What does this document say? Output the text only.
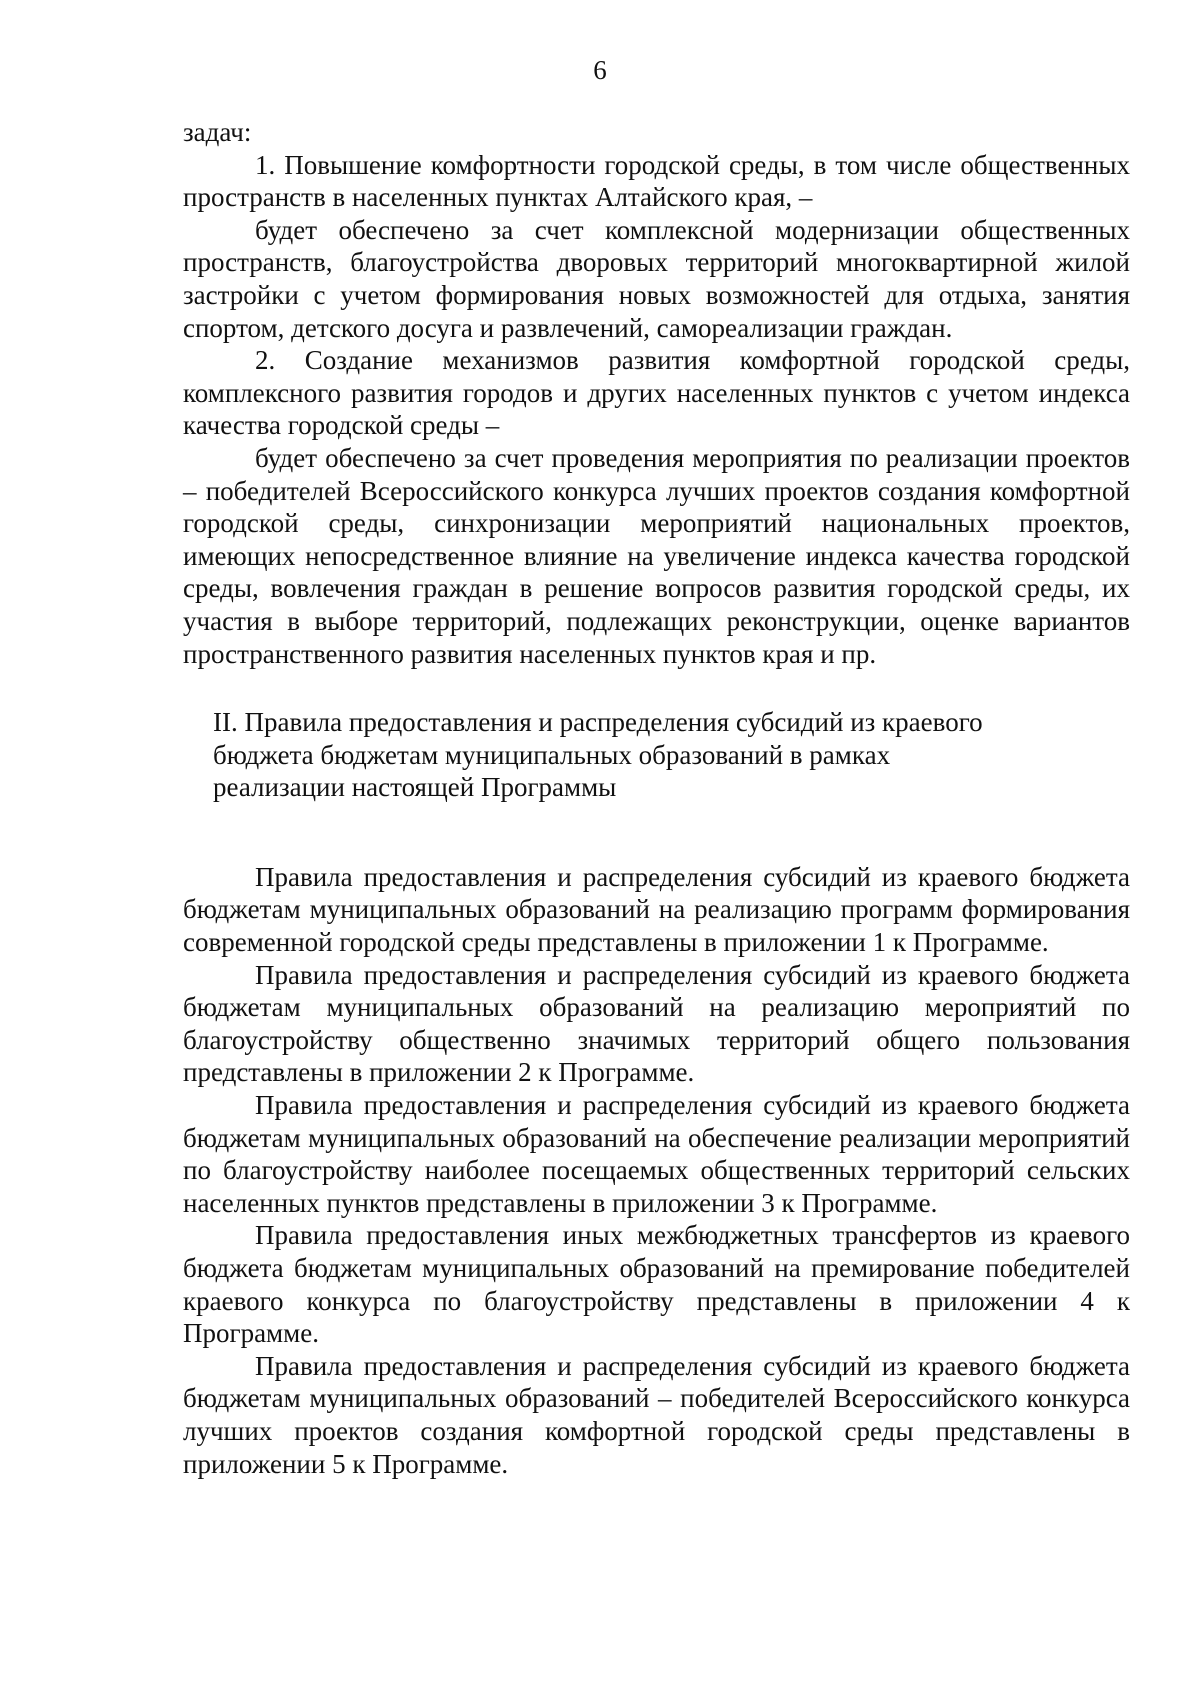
6

задач:

1. Повышение комфортности городской среды, в том числе общественных пространств в населенных пунктах Алтайского края, –

будет обеспечено за счет комплексной модернизации общественных пространств, благоустройства дворовых территорий многоквартирной жилой застройки с учетом формирования новых возможностей для отдыха, занятия спортом, детского досуга и развлечений, самореализации граждан.

2. Создание механизмов развития комфортной городской среды, комплексного развития городов и других населенных пунктов с учетом индекса качества городской среды –

будет обеспечено за счет проведения мероприятия по реализации проектов – победителей Всероссийского конкурса лучших проектов создания комфортной городской среды, синхронизации мероприятий национальных проектов, имеющих непосредственное влияние на увеличение индекса качества городской среды, вовлечения граждан в решение вопросов развития городской среды, их участия в выборе территорий, подлежащих реконструкции, оценке вариантов пространственного развития населенных пунктов края и пр.

II. Правила предоставления и распределения субсидий из краевого
бюджета бюджетам муниципальных образований в рамках
реализации настоящей Программы

Правила предоставления и распределения субсидий из краевого бюджета бюджетам муниципальных образований на реализацию программ формирования современной городской среды представлены в приложении 1 к Программе.

Правила предоставления и распределения субсидий из краевого бюджета бюджетам муниципальных образований на реализацию мероприятий по благоустройству общественно значимых территорий общего пользования представлены в приложении 2 к Программе.

Правила предоставления и распределения субсидий из краевого бюджета бюджетам муниципальных образований на обеспечение реализации мероприятий по благоустройству наиболее посещаемых общественных территорий сельских населенных пунктов представлены в приложении 3 к Программе.

Правила предоставления иных межбюджетных трансфертов из краевого бюджета бюджетам муниципальных образований на премирование победителей краевого конкурса по благоустройству представлены в приложении 4 к Программе.

Правила предоставления и распределения субсидий из краевого бюджета бюджетам муниципальных образований – победителей Всероссийского конкурса лучших проектов создания комфортной городской среды представлены в приложении 5 к Программе.
